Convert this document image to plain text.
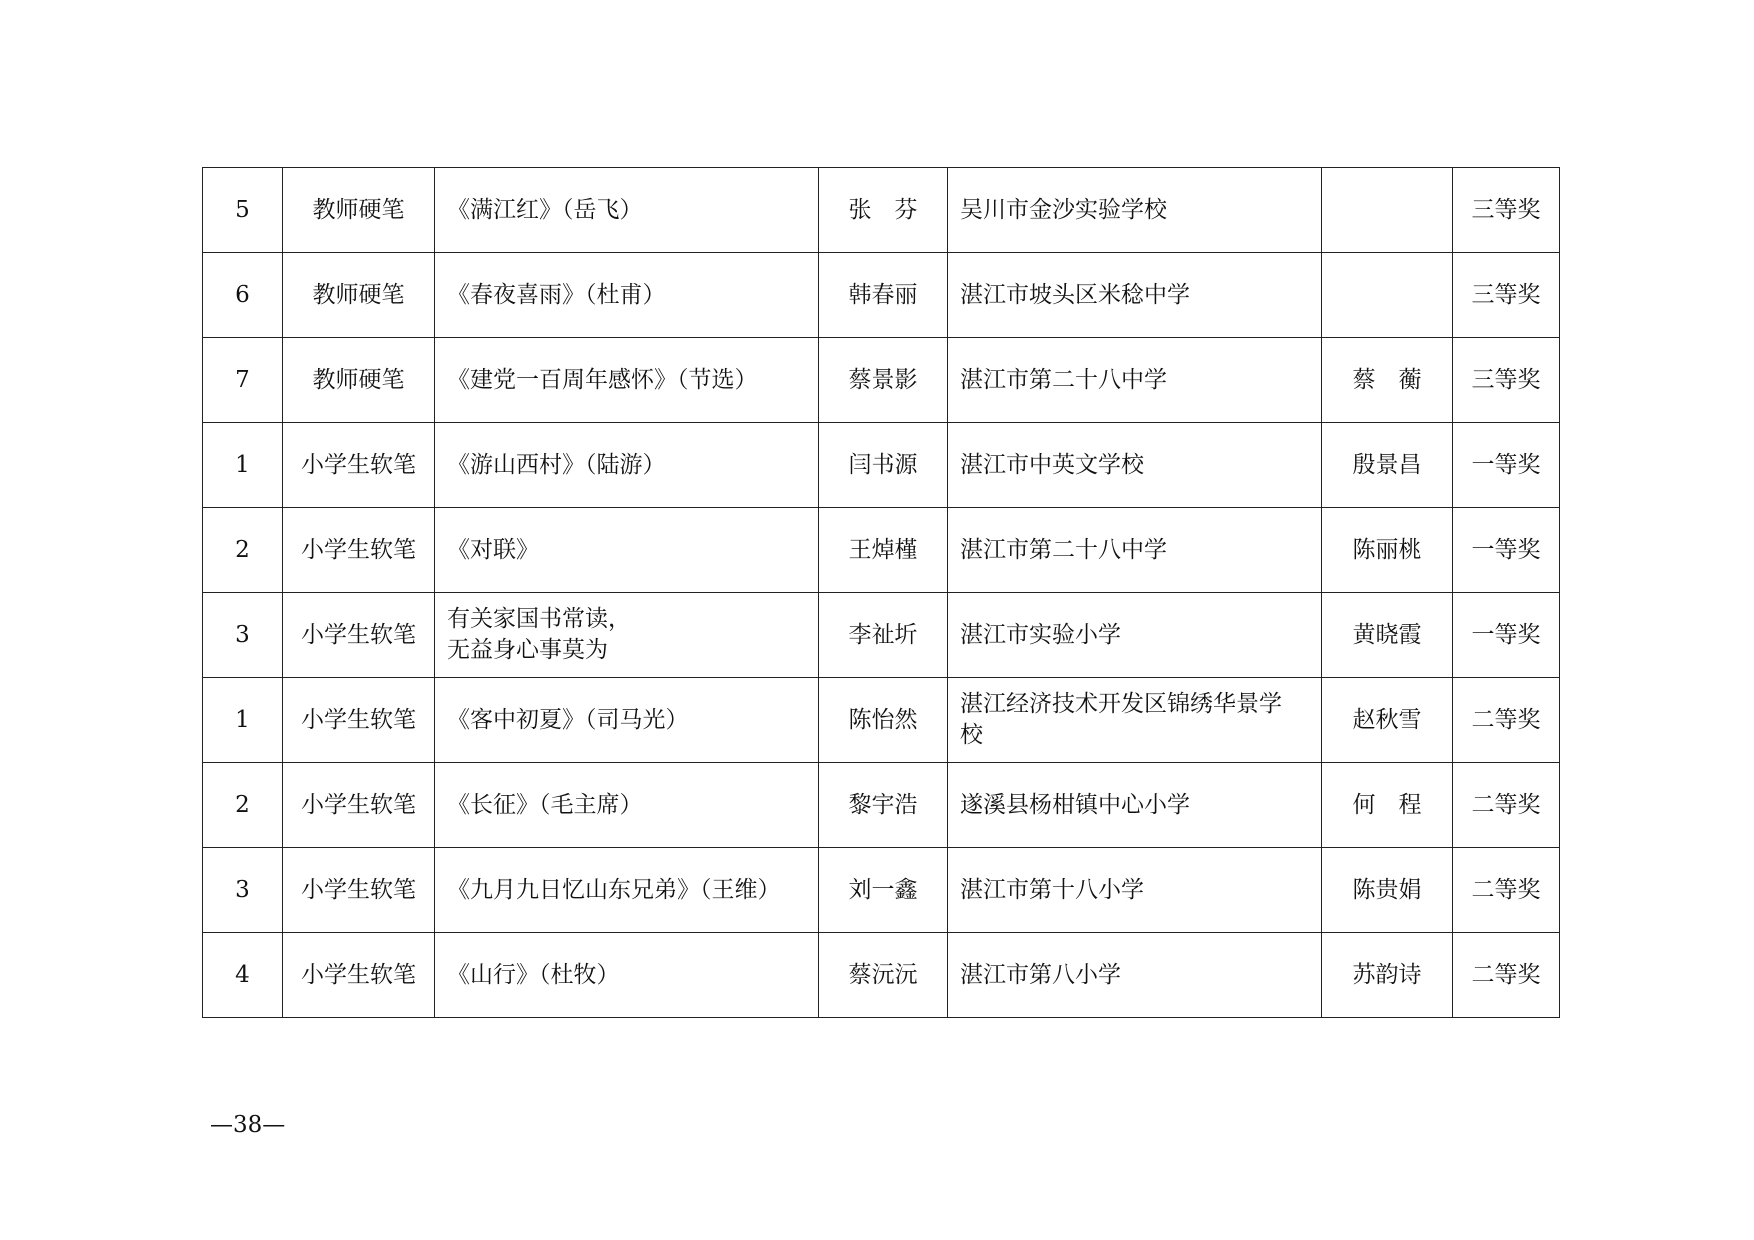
5	教师硬笔	《满江红》（岳飞）	张　芬	吴川市金沙实验学校		三等奖
6	教师硬笔	《春夜喜雨》（杜甫）	韩春丽	湛江市坡头区米稔中学		三等奖
7	教师硬笔	《建党一百周年感怀》（节选）	蔡景影	湛江市第二十八中学	蔡　蘅	三等奖
1	小学生软笔	《游山西村》（陆游）	闫书源	湛江市中英文学校	殷景昌	一等奖
2	小学生软笔	《对联》	王焯槿	湛江市第二十八中学	陈丽桃	一等奖
3	小学生软笔	有关家国书常读，
无益身心事莫为	李祉圻	湛江市实验小学	黄晓霞	一等奖
1	小学生软笔	《客中初夏》（司马光）	陈怡然	湛江经济技术开发区锦绣华景学校	赵秋雪	二等奖
2	小学生软笔	《长征》（毛主席）	黎宇浩	遂溪县杨柑镇中心小学	何　程	二等奖
3	小学生软笔	《九月九日忆山东兄弟》（王维）	刘一鑫	湛江市第十八小学	陈贵娟	二等奖
4	小学生软笔	《山行》（杜牧）	蔡沅沅	湛江市第八小学	苏韵诗	二等奖
—38—
